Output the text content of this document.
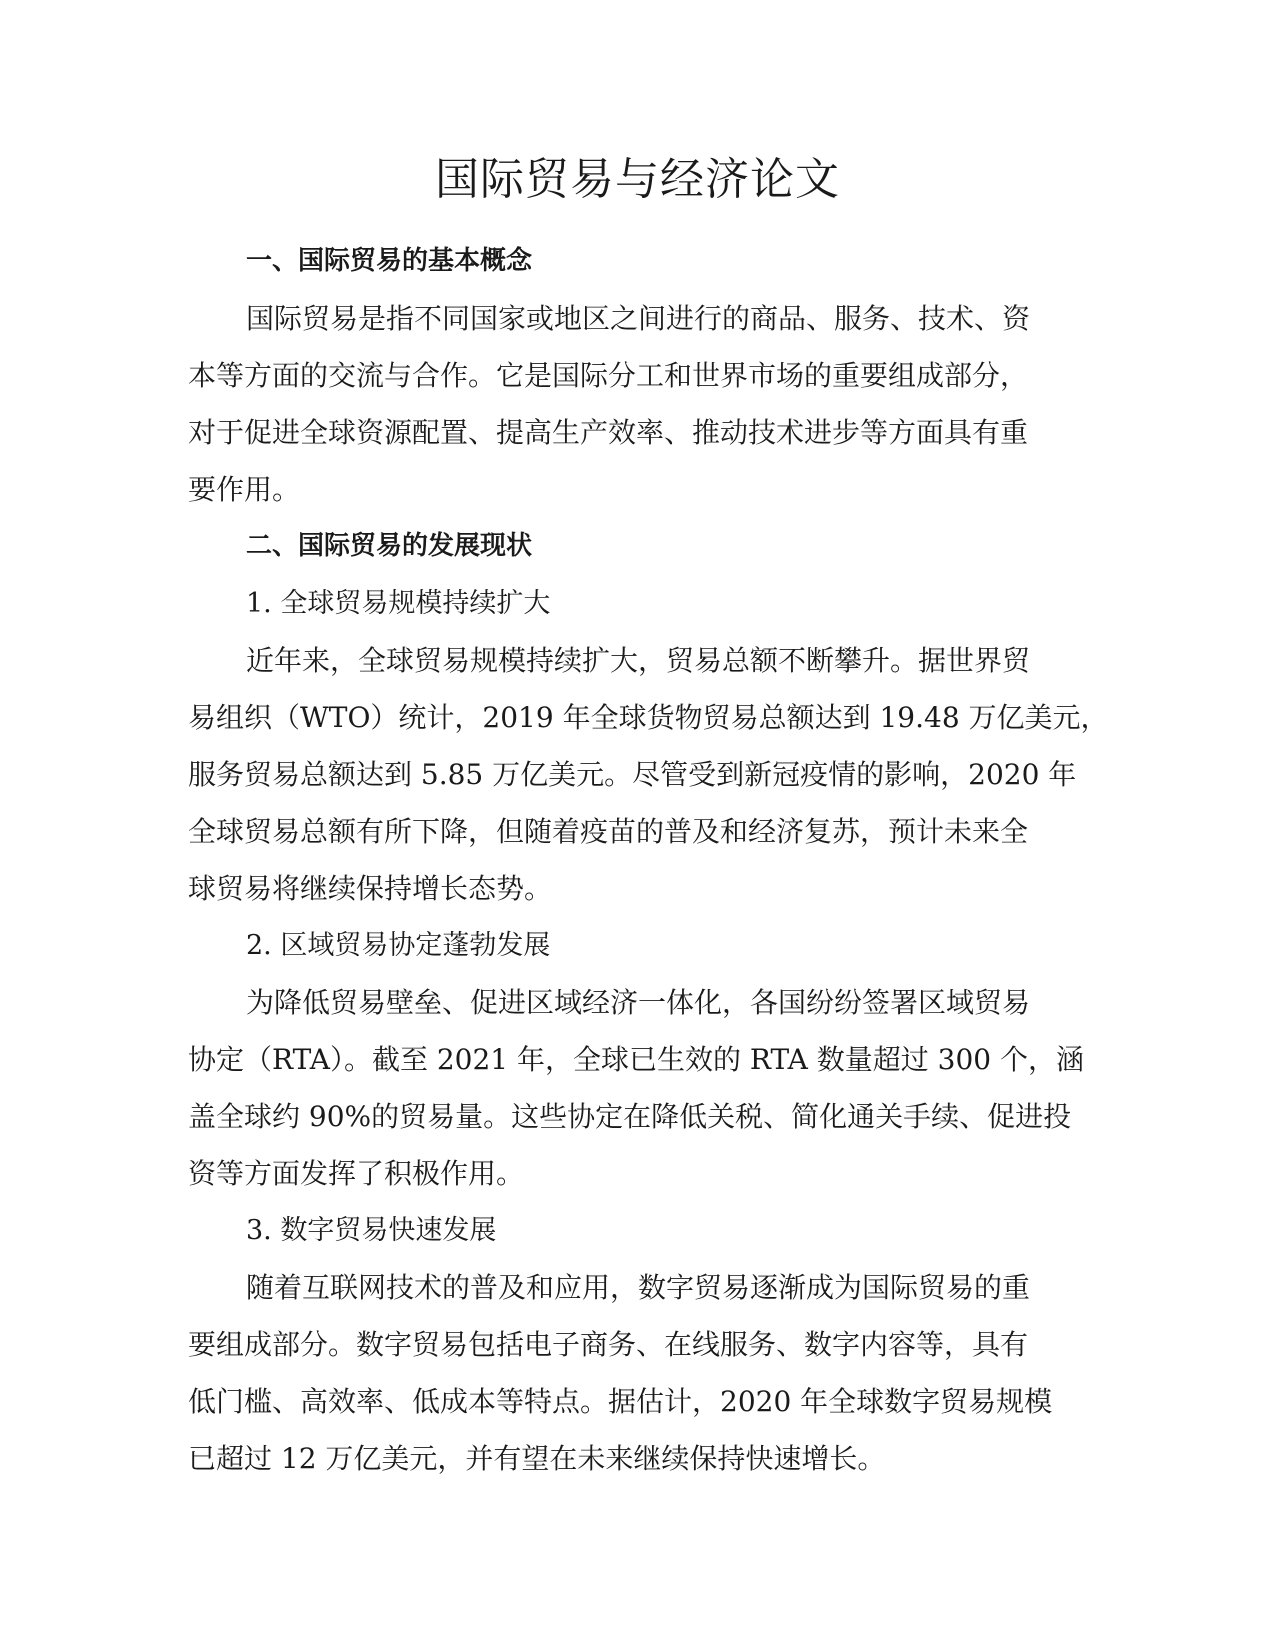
国际贸易与经济论文

一、国际贸易的基本概念

国际贸易是指不同国家或地区之间进行的商品、服务、技术、资

本等方面的交流与合作。它是国际分工和世界市场的重要组成部分，

对于促进全球资源配置、提高生产效率、推动技术进步等方面具有重

要作用。

二、国际贸易的发展现状

1. 全球贸易规模持续扩大

近年来，全球贸易规模持续扩大，贸易总额不断攀升。据世界贸

易组织（WTO）统计，2019 年全球货物贸易总额达到 19.48 万亿美元，

服务贸易总额达到 5.85 万亿美元。尽管受到新冠疫情的影响，2020 年

全球贸易总额有所下降，但随着疫苗的普及和经济复苏，预计未来全

球贸易将继续保持增长态势。

2. 区域贸易协定蓬勃发展

为降低贸易壁垒、促进区域经济一体化，各国纷纷签署区域贸易

协定（RTA）。截至 2021 年，全球已生效的 RTA 数量超过 300 个，涵

盖全球约 90%的贸易量。这些协定在降低关税、简化通关手续、促进投

资等方面发挥了积极作用。

3. 数字贸易快速发展

随着互联网技术的普及和应用，数字贸易逐渐成为国际贸易的重

要组成部分。数字贸易包括电子商务、在线服务、数字内容等，具有

低门槛、高效率、低成本等特点。据估计，2020 年全球数字贸易规模

已超过 12 万亿美元，并有望在未来继续保持快速增长。
